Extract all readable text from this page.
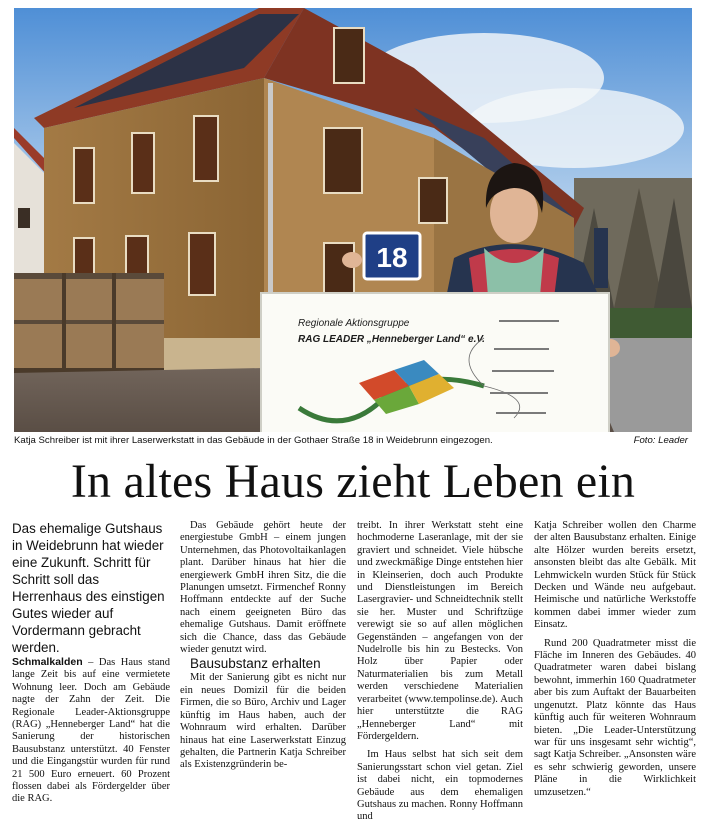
18
Regionale Aktionsgruppe
RAG LEADER „Henneberger Land“ e.V.
Katja Schreiber ist mit ihrer Laserwerkstatt in das Gebäude in der Gothaer Straße 18 in Weidebrunn eingezogen.	Foto: Leader
In altes Haus zieht Leben ein

Das ehemalige Gutshaus in Weidebrunn hat wieder eine Zukunft. Schritt für Schritt soll das Herrenhaus des einstigen Gutes wieder auf Vordermann gebracht werden.

Schmalkalden – Das Haus stand lange Zeit bis auf eine vermietete Wohnung leer. Doch am Gebäude nagte der Zahn der Zeit. Die Regionale Leader-Aktionsgruppe (RAG) „Henneberger Land“ hat die Sanierung der historischen Bausubstanz unterstützt. 40 Fenster und die Eingangstür wurden für rund 21 500 Euro erneuert. 60 Prozent flossen dabei als Fördergelder über die RAG.

Das Gebäude gehört heute der energiestube GmbH – einem jungen Unternehmen, das Photovoltaikanlagen plant. Darüber hinaus hat hier die energiewerk GmbH ihren Sitz, die die Planungen umsetzt. Firmenchef Ronny Hoffmann entdeckte auf der Suche nach einem geeigneten Büro das ehemalige Gutshaus. Damit eröffnete sich die Chance, dass das Gebäude wieder genutzt wird.

Bausubstanz erhalten

Mit der Sanierung gibt es nicht nur ein neues Domizil für die beiden Firmen, die so Büro, Archiv und Lager künftig im Haus haben, auch der Wohnraum wird erhalten. Darüber hinaus hat eine Laserwerkstatt Einzug gehalten, die Partnerin Katja Schreiber als Existenzgründerin be-

treibt. In ihrer Werkstatt steht eine hochmoderne Laseranlage, mit der sie graviert und schneidet. Viele hübsche und zweckmäßige Dinge entstehen hier in Kleinserien, doch auch Produkte und Dienstleistungen im Bereich Lasergravier- und Schneidtechnik stellt sie her. Muster und Schriftzüge verewigt sie so auf allen möglichen Gegenständen – angefangen von der Nudelrolle bis hin zu Bestecks. Von Holz über Papier oder Naturmaterialien bis zum Metall werden verschiedene Materialien verarbeitet (www.tempolinse.de). Auch hier unterstützte die RAG „Henneberger Land“ mit Fördergeldern.

Im Haus selbst hat sich seit dem Sanierungsstart schon viel getan. Ziel ist dabei nicht, ein topmodernes Gebäude aus dem ehemaligen Gutshaus zu machen. Ronny Hoffmann und

Katja Schreiber wollen den Charme der alten Bausubstanz erhalten. Einige alte Hölzer wurden bereits ersetzt, ansonsten bleibt das alte Gebälk. Mit Lehmwickeln wurden Stück für Stück Decken und Wände neu aufgebaut. Heimische und natürliche Werkstoffe kommen dabei immer wieder zum Einsatz.

Rund 200 Quadratmeter misst die Fläche im Inneren des Gebäudes. 40 Quadratmeter waren dabei bislang bewohnt, immerhin 160 Quadratmeter aber bis zum Auftakt der Bauarbeiten ungenutzt. Platz könnte das Haus künftig auch für weiteren Wohnraum bieten. „Die Leader-Unterstützung war für uns insgesamt sehr wichtig“, sagt Katja Schreiber. „Ansonsten wäre es sehr schwierig geworden, unsere Pläne in die Wirklichkeit umzusetzen.“
